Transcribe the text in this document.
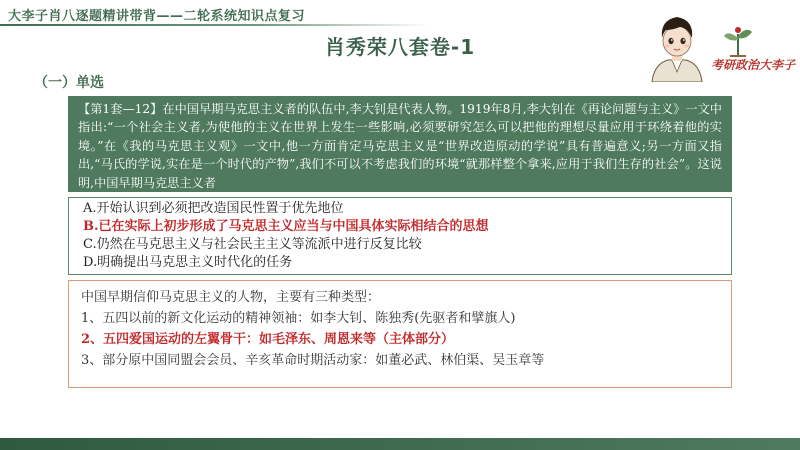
大李子肖八逐题精讲带背——二轮系统知识点复习
肖秀荣八套卷-1
考研政治大李子
（一）单选
【第1套—12】在中国早期马克思主义者的队伍中,李大钊是代表人物。1919年8月,李大钊在《再论问题与主义》一文中指出:“一个社会主义者,为使他的主义在世界上发生一些影响,必须要研究怎么可以把他的理想尽量应用于环绕着他的实境。”在《我的马克思主义观》一文中,他一方面肯定马克思主义是“世界改造原动的学说”具有普遍意义;另一方面又指出,“马氏的学说,实在是一个时代的产物”,我们不可以不考虑我们的环境“就那样整个拿来,应用于我们生存的社会”。这说明,中国早期马克思主义者
A.开始认识到必须把改造国民性置于优先地位
B.已在实际上初步形成了马克思主义应当与中国具体实际相结合的思想
C.仍然在马克思主义与社会民主主义等流派中进行反复比较
D.明确提出马克思主义时代化的任务
中国早期信仰马克思主义的人物，主要有三种类型：
1、五四以前的新文化运动的精神领袖：如李大钊、陈独秀(先驱者和擘旗人)
2、五四爱国运动的左翼骨干：如毛泽东、周恩来等（主体部分）
3、部分原中国同盟会会员、辛亥革命时期活动家：如董必武、林伯渠、吴玉章等
